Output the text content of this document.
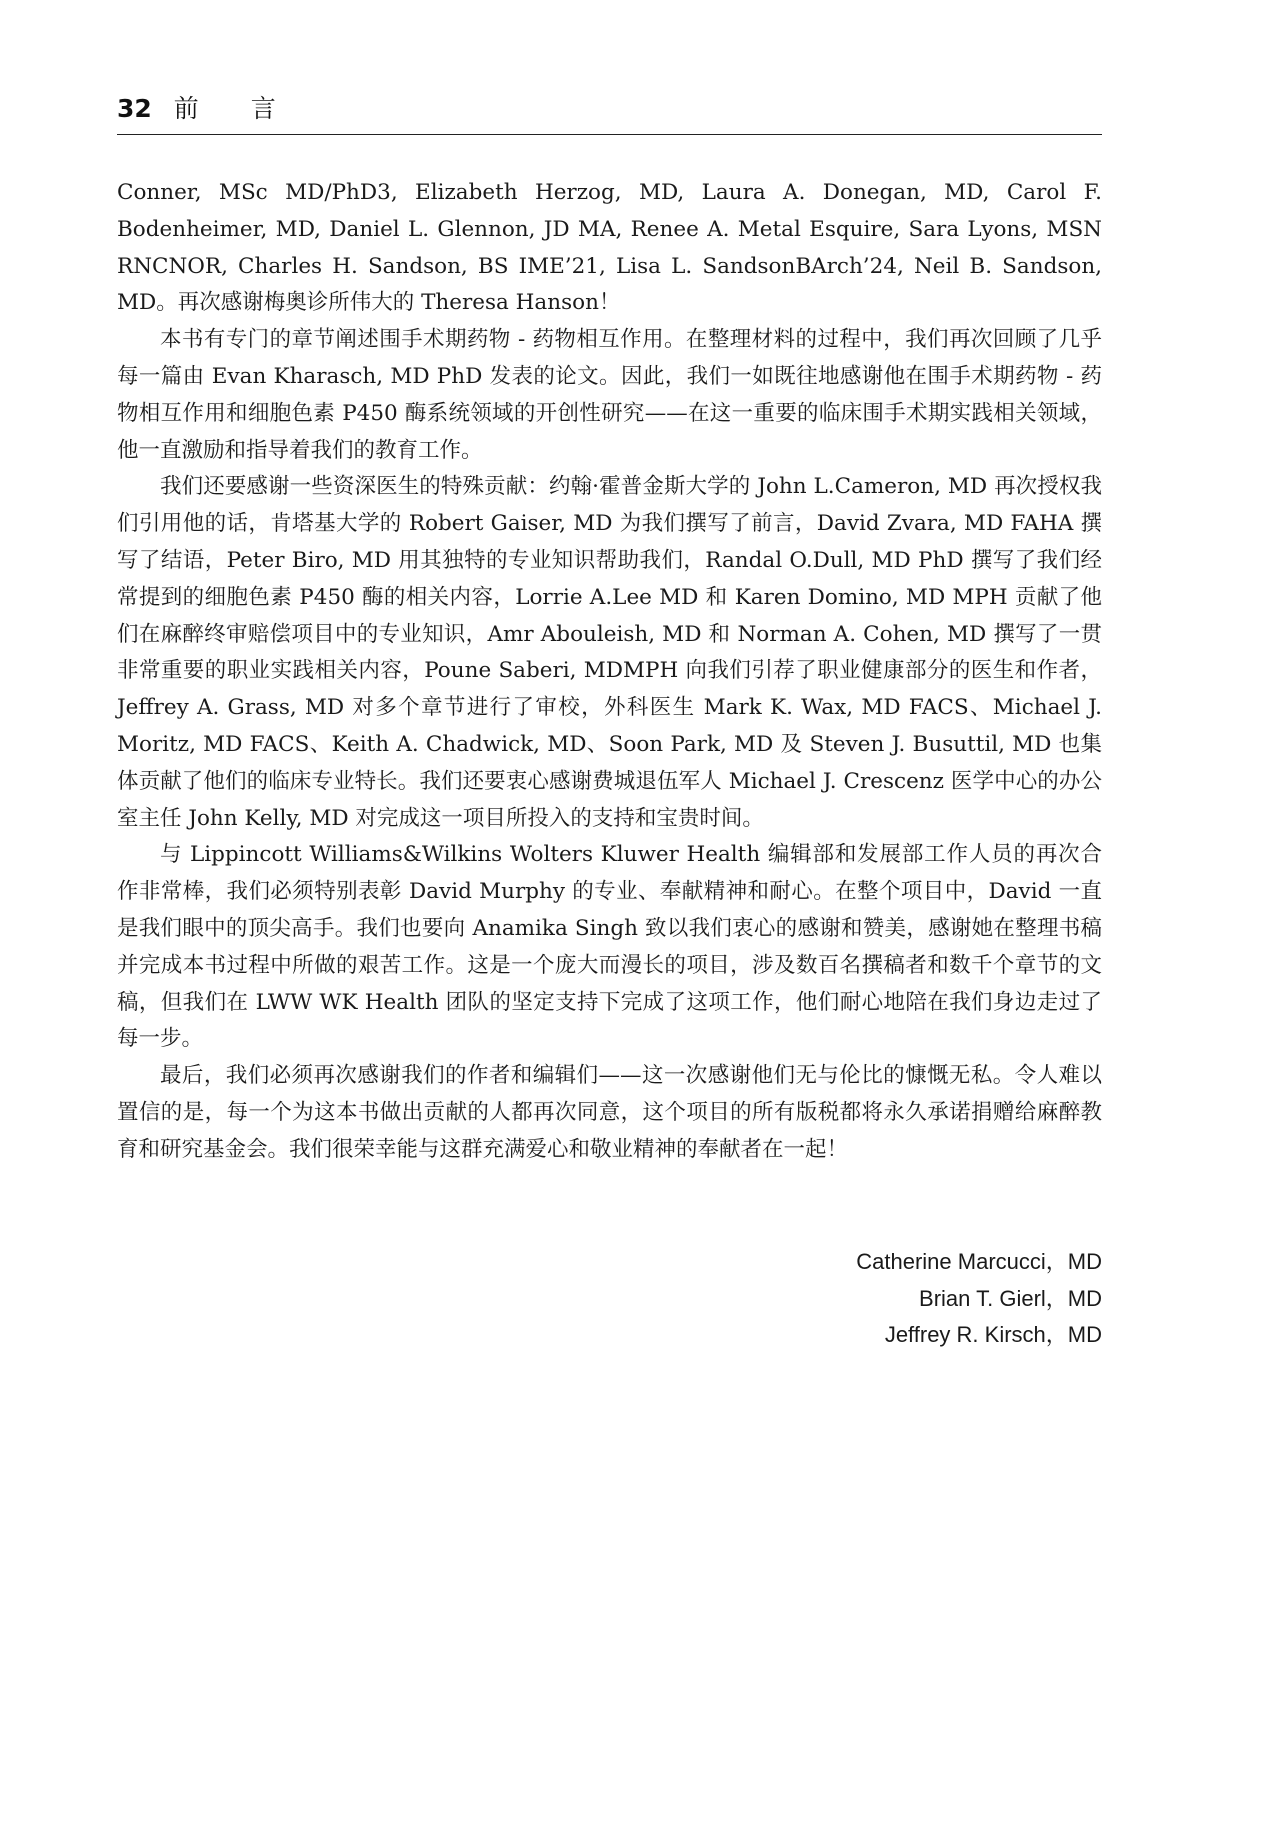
32 前 言

Conner, MSc MD/PhD3, Elizabeth Herzog, MD, Laura A. Donegan, MD, Carol F. Bodenheimer, MD, Daniel L. Glennon, JD MA, Renee A. Metal Esquire, Sara Lyons, MSN RNCNOR, Charles H. Sandson, BS IME’21, Lisa L. SandsonBArch’24, Neil B. Sandson, MD。再次感谢梅奥诊所伟大的 Theresa Hanson！

本书有专门的章节阐述围手术期药物 - 药物相互作用。在整理材料的过程中，我们再次回顾了几乎每一篇由 Evan Kharasch, MD PhD 发表的论文。因此，我们一如既往地感谢他在围手术期药物 - 药物相互作用和细胞色素 P450 酶系统领域的开创性研究——在这一重要的临床围手术期实践相关领域，他一直激励和指导着我们的教育工作。

我们还要感谢一些资深医生的特殊贡献：约翰·霍普金斯大学的 John L.Cameron, MD 再次授权我们引用他的话，肯塔基大学的 Robert Gaiser, MD 为我们撰写了前言，David Zvara, MD FAHA 撰写了结语，Peter Biro, MD 用其独特的专业知识帮助我们，Randal O.Dull, MD PhD 撰写了我们经常提到的细胞色素 P450 酶的相关内容，Lorrie A.Lee MD 和 Karen Domino, MD MPH 贡献了他们在麻醉终审赔偿项目中的专业知识，Amr Abouleish, MD 和 Norman A. Cohen, MD 撰写了一贯非常重要的职业实践相关内容，Poune Saberi, MDMPH 向我们引荐了职业健康部分的医生和作者，Jeffrey A. Grass, MD 对多个章节进行了审校，外科医生 Mark K. Wax, MD FACS、Michael J. Moritz, MD FACS、Keith A. Chadwick, MD、Soon Park, MD 及 Steven J. Busuttil, MD 也集体贡献了他们的临床专业特长。我们还要衷心感谢费城退伍军人 Michael J. Crescenz 医学中心的办公室主任 John Kelly, MD 对完成这一项目所投入的支持和宝贵时间。

与 Lippincott Williams&Wilkins Wolters Kluwer Health 编辑部和发展部工作人员的再次合作非常棒，我们必须特别表彰 David Murphy 的专业、奉献精神和耐心。在整个项目中，David 一直是我们眼中的顶尖高手。我们也要向 Anamika Singh 致以我们衷心的感谢和赞美，感谢她在整理书稿并完成本书过程中所做的艰苦工作。这是一个庞大而漫长的项目，涉及数百名撰稿者和数千个章节的文稿，但我们在 LWW WK Health 团队的坚定支持下完成了这项工作，他们耐心地陪在我们身边走过了每一步。

最后，我们必须再次感谢我们的作者和编辑们——这一次感谢他们无与伦比的慷慨无私。令人难以置信的是，每一个为这本书做出贡献的人都再次同意，这个项目的所有版税都将永久承诺捐赠给麻醉教育和研究基金会。我们很荣幸能与这群充满爱心和敬业精神的奉献者在一起！

Catherine Marcucci，MD
Brian T. Gierl，MD
Jeffrey R. Kirsch，MD
